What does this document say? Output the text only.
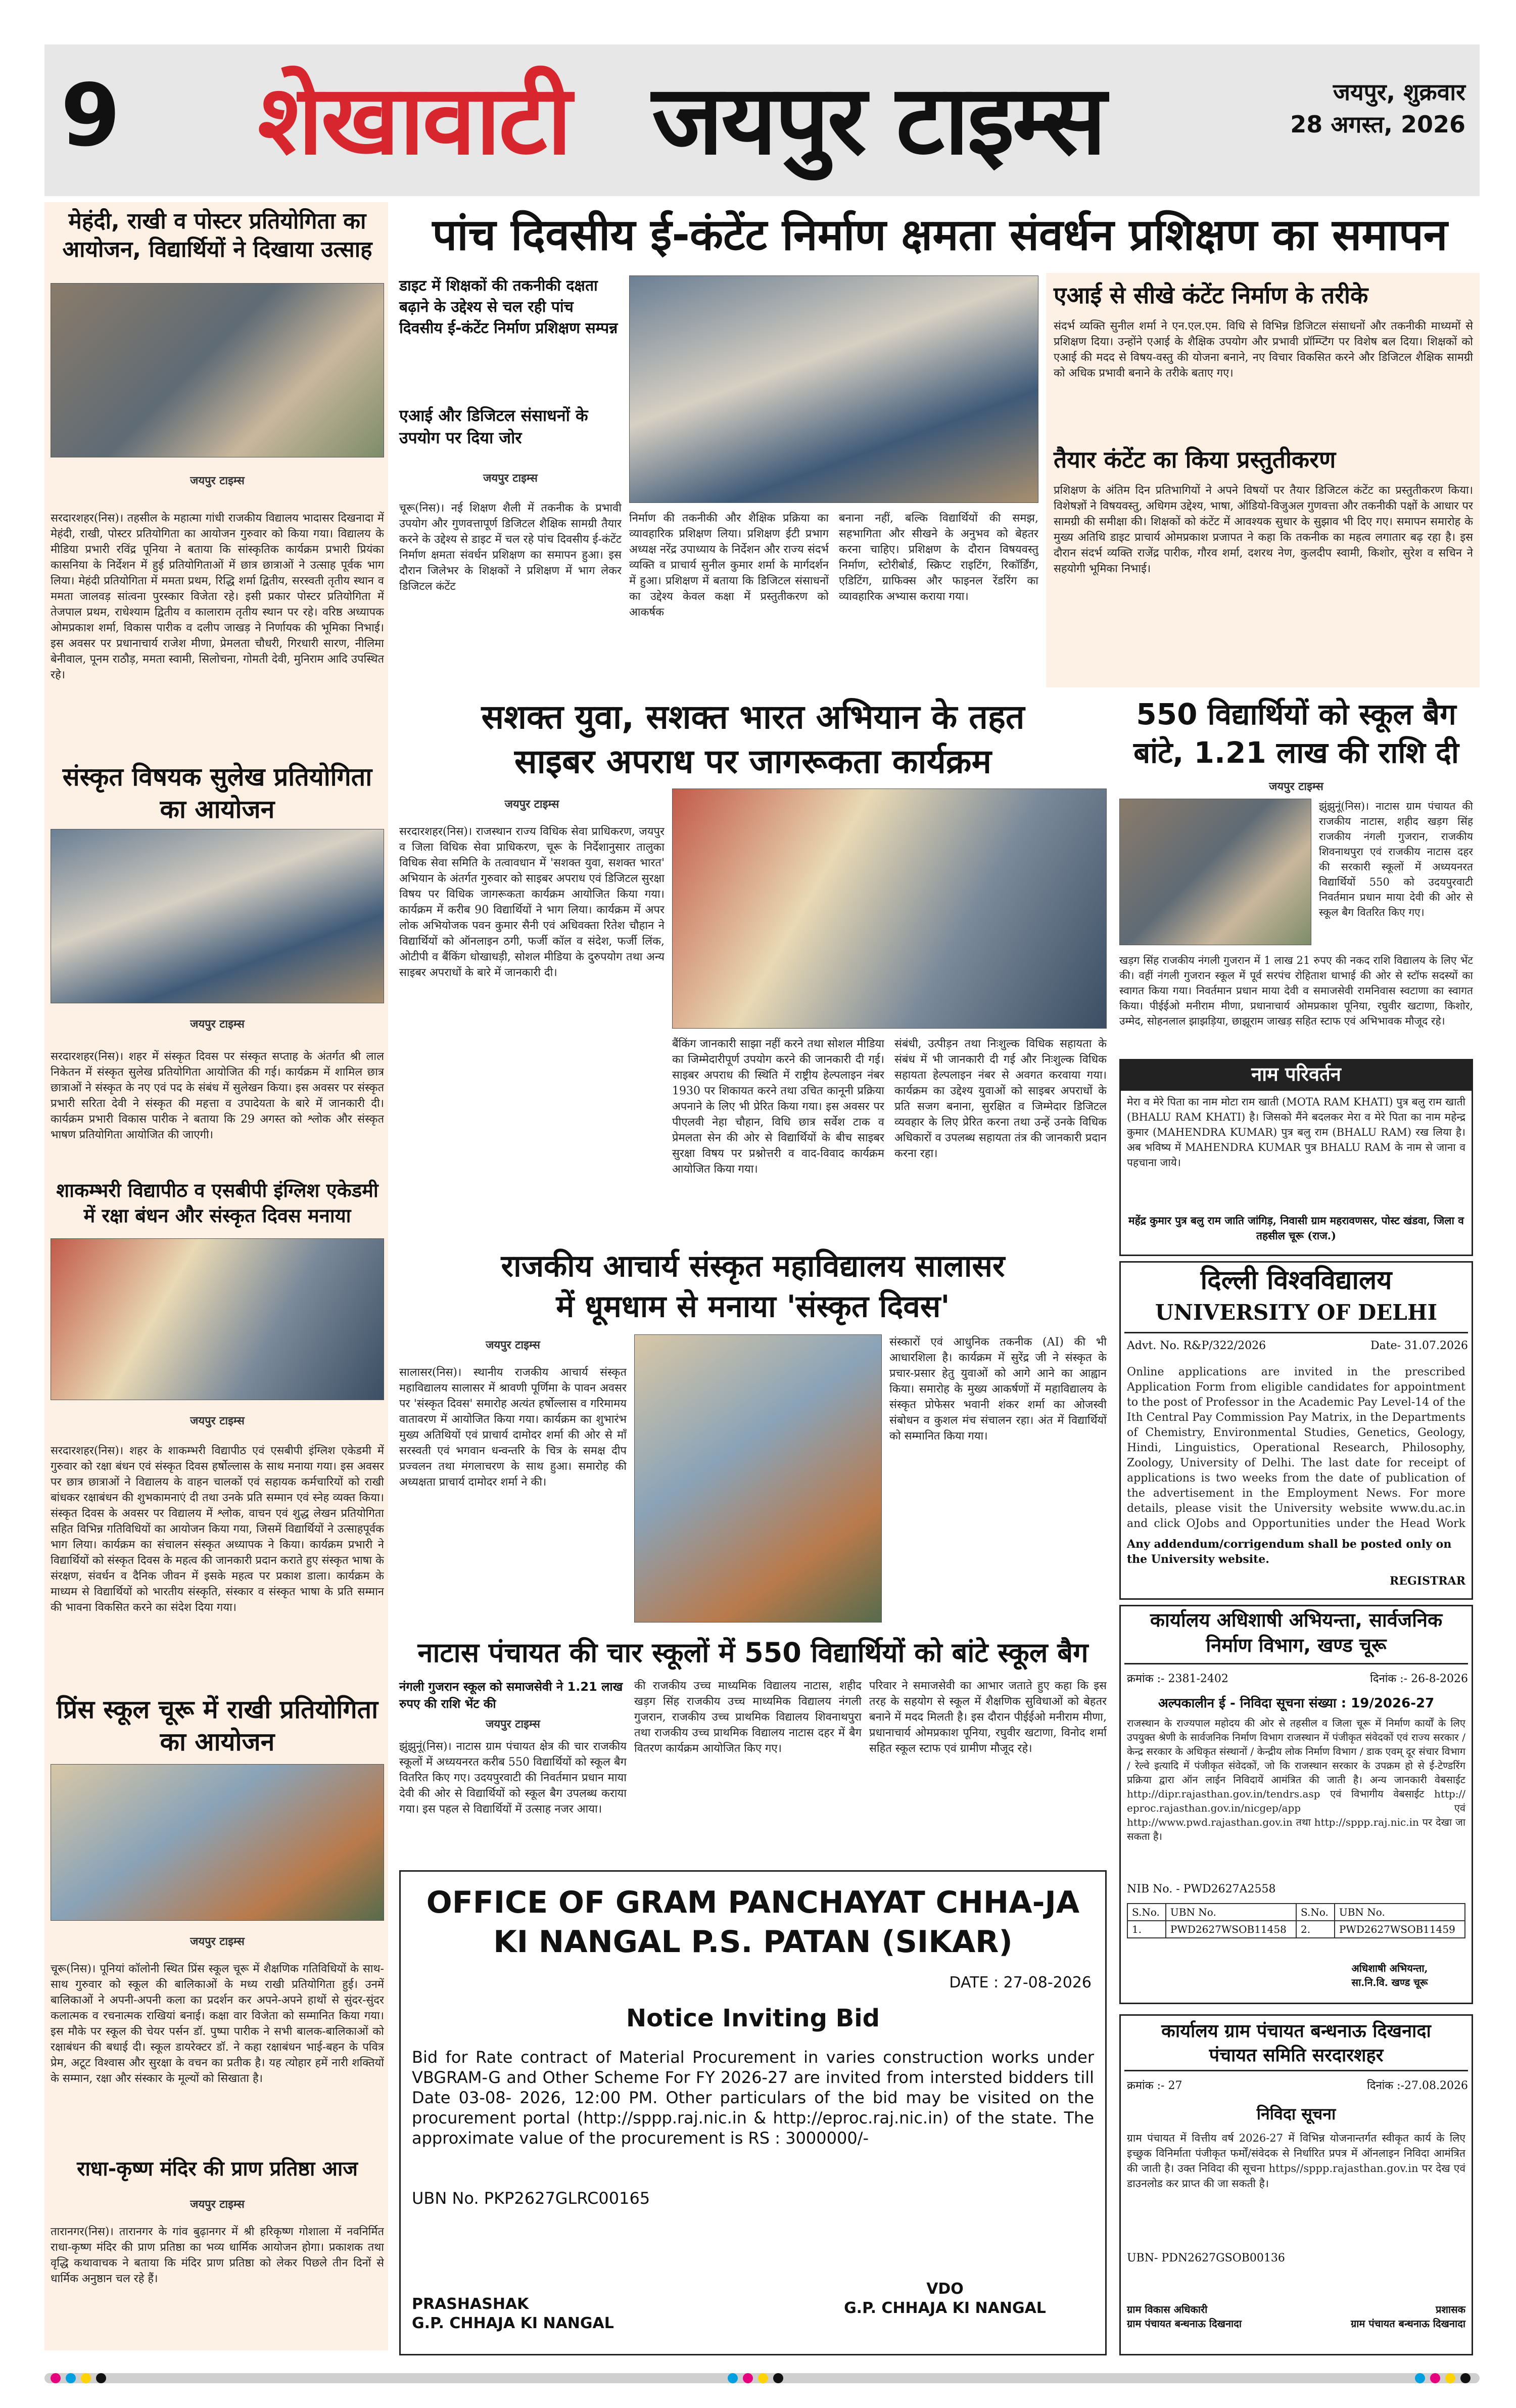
9 शेखावाटी जयपुर टाइम्स	जयपुर, शुक्रवार
28 अगस्त, 2026
मेहंदी, राखी व पोस्टर प्रतियोगिता का आयोजन, विद्यार्थियों ने दिखाया उत्साह
जयपुर टाइम्स
सरदारशहर(निस)। तहसील के महात्मा गांधी राजकीय विद्यालय भादासर दिखनादा में मेहंदी, राखी, पोस्टर प्रतियोगिता का आयोजन गुरुवार को किया गया। विद्यालय के मीडिया प्रभारी रविंद्र पूनिया ने बताया कि सांस्कृतिक कार्यक्रम प्रभारी प्रियंका कासनिया के निर्देशन में हुई प्रतियोगिताओं में छात्र छात्राओं ने उत्साह पूर्वक भाग लिया। मेहंदी प्रतियोगिता में ममता प्रथम, रिद्धि शर्मा द्वितीय, सरस्वती तृतीय स्थान व ममता जालवड़ सांत्वना पुरस्कार विजेता रहे। इसी प्रकार पोस्टर प्रतियोगिता में तेजपाल प्रथम, राधेश्याम द्वितीय व कालाराम तृतीय स्थान पर रहे। वरिष्ठ अध्यापक ओमप्रकाश शर्मा, विकास पारीक व दलीप जाखड़ ने निर्णायक की भूमिका निभाई। इस अवसर पर प्रधानाचार्य राजेश मीणा, प्रेमलता चौधरी, गिरधारी सारण, नीलिमा बेनीवाल, पूनम राठौड़, ममता स्वामी, सिलोचना, गोमती देवी, मुनिराम आदि उपस्थित रहे।
संस्कृत विषयक सुलेख प्रतियोगिता का आयोजन
जयपुर टाइम्स
सरदारशहर(निस)। शहर में संस्कृत दिवस पर संस्कृत सप्ताह के अंतर्गत श्री लाल निकेतन में संस्कृत सुलेख प्रतियोगिता आयोजित की गई। कार्यक्रम में शामिल छात्र छात्राओं ने संस्कृत के नए एवं पद के संबंध में सुलेखन किया। इस अवसर पर संस्कृत प्रभारी सरिता देवी ने संस्कृत की महत्ता व उपादेयता के बारे में जानकारी दी। कार्यक्रम प्रभारी विकास पारीक ने बताया कि 29 अगस्त को श्लोक और संस्कृत भाषण प्रतियोगिता आयोजित की जाएगी।
शाकम्भरी विद्यापीठ व एसबीपी इंग्लिश एकेडमी में रक्षा बंधन और संस्कृत दिवस मनाया
जयपुर टाइम्स
सरदारशहर(निस)। शहर के शाकम्भरी विद्यापीठ एवं एसबीपी इंग्लिश एकेडमी में गुरुवार को रक्षा बंधन एवं संस्कृत दिवस हर्षोल्लास के साथ मनाया गया। इस अवसर पर छात्र छात्राओं ने विद्यालय के वाहन चालकों एवं सहायक कर्मचारियों को राखी बांधकर रक्षाबंधन की शुभकामनाएं दी तथा उनके प्रति सम्मान एवं स्नेह व्यक्त किया। संस्कृत दिवस के अवसर पर विद्यालय में श्लोक, वाचन एवं शुद्ध लेखन प्रतियोगिता सहित विभिन्न गतिविधियों का आयोजन किया गया, जिसमें विद्यार्थियों ने उत्साहपूर्वक भाग लिया। कार्यक्रम का संचालन संस्कृत अध्यापक ने किया। कार्यक्रम प्रभारी ने विद्यार्थियों को संस्कृत दिवस के महत्व की जानकारी प्रदान कराते हुए संस्कृत भाषा के संरक्षण, संवर्धन व दैनिक जीवन में इसके महत्व पर प्रकाश डाला। कार्यक्रम के माध्यम से विद्यार्थियों को भारतीय संस्कृति, संस्कार व संस्कृत भाषा के प्रति सम्मान की भावना विकसित करने का संदेश दिया गया।
प्रिंस स्कूल चूरू में राखी प्रतियोगिता का आयोजन
जयपुर टाइम्स
चूरू(निस)। पूनियां कॉलोनी स्थित प्रिंस स्कूल चूरू में शैक्षणिक गतिविधियों के साथ-साथ गुरुवार को स्कूल की बालिकाओं के मध्य राखी प्रतियोगिता हुई। उनमें बालिकाओं ने अपनी-अपनी कला का प्रदर्शन कर अपने-अपने हाथों से सुंदर-सुंदर कलात्मक व रचनात्मक राखियां बनाई। कक्षा वार विजेता को सम्मानित किया गया। इस मौके पर स्कूल की चेयर पर्सन डॉ. पुष्पा पारीक ने सभी बालक-बालिकाओं को रक्षाबंधन की बधाई दी। स्कूल डायरेक्टर डॉ. ने कहा रक्षाबंधन भाई-बहन के पवित्र प्रेम, अटूट विश्वास और सुरक्षा के वचन का प्रतीक है। यह त्योहार हमें नारी शक्तियों के सम्मान, रक्षा और संस्कार के मूल्यों को सिखाता है।
राधा-कृष्ण मंदिर की प्राण प्रतिष्ठा आज
जयपुर टाइम्स
तारानगर(निस)। तारानगर के गांव बुढ़ानगर में श्री हरिकृष्ण गोशाला में नवनिर्मित राधा-कृष्ण मंदिर की प्राण प्रतिष्ठा का भव्य धार्मिक आयोजन होगा। प्रकाशक तथा वृद्धि कथावाचक ने बताया कि मंदिर प्राण प्रतिष्ठा को लेकर पिछले तीन दिनों से धार्मिक अनुष्ठान चल रहे हैं।
पांच दिवसीय ई-कंटेंट निर्माण क्षमता संवर्धन प्रशिक्षण का समापन
डाइट में शिक्षकों की तकनीकी दक्षता बढ़ाने के उद्देश्य से चल रही पांच दिवसीय ई-कंटेंट निर्माण प्रशिक्षण सम्पन्न
एआई और डिजिटल संसाधनों के उपयोग पर दिया जोर
जयपुर टाइम्स
चूरू(निस)। नई शिक्षण शैली में तकनीक के प्रभावी उपयोग और गुणवत्तापूर्ण डिजिटल शैक्षिक सामग्री तैयार करने के उद्देश्य से डाइट में चल रहे पांच दिवसीय ई-कंटेंट निर्माण क्षमता संवर्धन प्रशिक्षण का समापन हुआ। इस दौरान जिलेभर के शिक्षकों ने प्रशिक्षण में भाग लेकर डिजिटल कंटेंट
निर्माण की तकनीकी और शैक्षिक प्रक्रिया का व्यावहारिक प्रशिक्षण लिया। प्रशिक्षण ईटी प्रभाग अध्यक्ष नरेंद्र उपाध्याय के निर्देशन और राज्य संदर्भ व्यक्ति व प्राचार्य सुनील कुमार शर्मा के मार्गदर्शन में हुआ। प्रशिक्षण में बताया कि डिजिटल संसाधनों का उद्देश्य केवल कक्षा में प्रस्तुतीकरण को आकर्षक
बनाना नहीं, बल्कि विद्यार्थियों की समझ, सहभागिता और सीखने के अनुभव को बेहतर करना चाहिए। प्रशिक्षण के दौरान विषयवस्तु निर्माण, स्टोरीबोर्ड, स्क्रिप्ट राइटिंग, रिकॉर्डिंग, एडिटिंग, ग्राफिक्स और फाइनल रेंडरिंग का व्यावहारिक अभ्यास कराया गया।
एआई से सीखे कंटेंट निर्माण के तरीके
संदर्भ व्यक्ति सुनील शर्मा ने एन.एल.एम. विधि से विभिन्न डिजिटल संसाधनों और तकनीकी माध्यमों से प्रशिक्षण दिया। उन्होंने एआई के शैक्षिक उपयोग और प्रभावी प्रॉम्प्टिंग पर विशेष बल दिया। शिक्षकों को एआई की मदद से विषय-वस्तु की योजना बनाने, नए विचार विकसित करने और डिजिटल शैक्षिक सामग्री को अधिक प्रभावी बनाने के तरीके बताए गए।
तैयार कंटेंट का किया प्रस्तुतीकरण
प्रशिक्षण के अंतिम दिन प्रतिभागियों ने अपने विषयों पर तैयार डिजिटल कंटेंट का प्रस्तुतीकरण किया। विशेषज्ञों ने विषयवस्तु, अधिगम उद्देश्य, भाषा, ऑडियो-विजुअल गुणवत्ता और तकनीकी पक्षों के आधार पर सामग्री की समीक्षा की। शिक्षकों को कंटेंट में आवश्यक सुधार के सुझाव भी दिए गए। समापन समारोह के मुख्य अतिथि डाइट प्राचार्य ओमप्रकाश प्रजापत ने कहा कि तकनीक का महत्व लगातार बढ़ रहा है। इस दौरान संदर्भ व्यक्ति राजेंद्र पारीक, गौरव शर्मा, दशरथ नेण, कुलदीप स्वामी, किशोर, सुरेश व सचिन ने सहयोगी भूमिका निभाई।
सशक्त युवा, सशक्त भारत अभियान के तहत
साइबर अपराध पर जागरूकता कार्यक्रम
जयपुर टाइम्स
सरदारशहर(निस)। राजस्थान राज्य विधिक सेवा प्राधिकरण, जयपुर व जिला विधिक सेवा प्राधिकरण, चूरू के निर्देशानुसार तालुका विधिक सेवा समिति के तत्वावधान में 'सशक्त युवा, सशक्त भारत' अभियान के अंतर्गत गुरुवार को साइबर अपराध एवं डिजिटल सुरक्षा विषय पर विधिक जागरूकता कार्यक्रम आयोजित किया गया। कार्यक्रम में करीब 90 विद्यार्थियों ने भाग लिया। कार्यक्रम में अपर लोक अभियोजक पवन कुमार सैनी एवं अधिवक्ता रितेश चौहान ने विद्यार्थियों को ऑनलाइन ठगी, फर्जी कॉल व संदेश, फर्जी लिंक, ओटीपी व बैंकिंग धोखाधड़ी, सोशल मीडिया के दुरुपयोग तथा अन्य साइबर अपराधों के बारे में जानकारी दी।
बैंकिंग जानकारी साझा नहीं करने तथा सोशल मीडिया का जिम्मेदारीपूर्ण उपयोग करने की जानकारी दी गई। साइबर अपराध की स्थिति में राष्ट्रीय हेल्पलाइन नंबर 1930 पर शिकायत करने तथा उचित कानूनी प्रक्रिया अपनाने के लिए भी प्रेरित किया गया। इस अवसर पर पीएलवी नेहा चौहान, विधि छात्र सर्वेश टाक व प्रेमलता सेन की ओर से विद्यार्थियों के बीच साइबर सुरक्षा विषय पर प्रश्नोत्तरी व वाद-विवाद कार्यक्रम आयोजित किया गया।
संबंधी, उत्पीड़न तथा निःशुल्क विधिक सहायता के संबंध में भी जानकारी दी गई और निःशुल्क विधिक सहायता हेल्पलाइन नंबर से अवगत करवाया गया। कार्यक्रम का उद्देश्य युवाओं को साइबर अपराधों के प्रति सजग बनाना, सुरक्षित व जिम्मेदार डिजिटल व्यवहार के लिए प्रेरित करना तथा उन्हें उनके विधिक अधिकारों व उपलब्ध सहायता तंत्र की जानकारी प्रदान करना रहा।
राजकीय आचार्य संस्कृत महाविद्यालय सालासर
में धूमधाम से मनाया 'संस्कृत दिवस'
जयपुर टाइम्स
सालासर(निस)। स्थानीय राजकीय आचार्य संस्कृत महाविद्यालय सालासर में श्रावणी पूर्णिमा के पावन अवसर पर 'संस्कृत दिवस' समारोह अत्यंत हर्षोल्लास व गरिमामय वातावरण में आयोजित किया गया। कार्यक्रम का शुभारंभ मुख्य अतिथियों एवं प्राचार्य दामोदर शर्मा की ओर से माँ सरस्वती एवं भगवान धन्वन्तरि के चित्र के समक्ष दीप प्रज्वलन तथा मंगलाचरण के साथ हुआ। समारोह की अध्यक्षता प्राचार्य दामोदर शर्मा ने की।
संस्कारों एवं आधुनिक तकनीक (AI) की भी आधारशिला है। कार्यक्रम में सुरेंद्र जी ने संस्कृत के प्रचार-प्रसार हेतु युवाओं को आगे आने का आह्वान किया। समारोह के मुख्य आकर्षणों में महाविद्यालय के संस्कृत प्रोफेसर भवानी शंकर शर्मा का ओजस्वी संबोधन व कुशल मंच संचालन रहा। अंत में विद्यार्थियों को सम्मानित किया गया।
नाटास पंचायत की चार स्कूलों में 550 विद्यार्थियों को बांटे स्कूल बैग
नंगली गुजरान स्कूल को समाजसेवी ने 1.21 लाख रुपए की राशि भेंट की
जयपुर टाइम्स
झुंझुनूं(निस)। नाटास ग्राम पंचायत क्षेत्र की चार राजकीय स्कूलों में अध्ययनरत करीब 550 विद्यार्थियों को स्कूल बैग वितरित किए गए। उदयपुरवाटी की निवर्तमान प्रधान माया देवी की ओर से विद्यार्थियों को स्कूल बैग उपलब्ध कराया गया। इस पहल से विद्यार्थियों में उत्साह नजर आया।
की राजकीय उच्च माध्यमिक विद्यालय नाटास, शहीद खड़ग सिंह राजकीय उच्च माध्यमिक विद्यालय नंगली गुजरान, राजकीय उच्च प्राथमिक विद्यालय शिवनाथपुरा तथा राजकीय उच्च प्राथमिक विद्यालय नाटास दहर में बैग वितरण कार्यक्रम आयोजित किए गए।
परिवार ने समाजसेवी का आभार जताते हुए कहा कि इस तरह के सहयोग से स्कूल में शैक्षणिक सुविधाओं को बेहतर बनाने में मदद मिलती है। इस दौरान पीईईओ मनीराम मीणा, प्रधानाचार्य ओमप्रकाश पूनिया, रघुवीर खटाणा, विनोद शर्मा सहित स्कूल स्टाफ एवं ग्रामीण मौजूद रहे।
OFFICE OF GRAM PANCHAYAT CHHA-JA KI NANGAL P.S. PATAN (SIKAR)
DATE : 27-08-2026
Notice Inviting Bid
Bid for Rate contract of Material Procurement in varies construction works under VBGRAM-G and Other Scheme For FY 2026-27 are invited from intersted bidders till Date 03-08- 2026, 12:00 PM. Other particulars of the bid may be visited on the procurement portal (http://sppp.raj.nic.in & http://eproc.raj.nic.in) of the state. The approximate value of the procurement is RS : 3000000/-
UBN No. PKP2627GLRC00165
PRASHASHAK
G.P. CHHAJA KI NANGAL
VDO
G.P. CHHAJA KI NANGAL
550 विद्यार्थियों को स्कूल बैग बांटे, 1.21 लाख की राशि दी
जयपुर टाइम्स
झुंझुनूं(निस)। नाटास ग्राम पंचायत की राजकीय नाटास, शहीद खड़ग सिंह राजकीय नंगली गुजरान, राजकीय शिवनाथपुरा एवं राजकीय नाटास दहर की सरकारी स्कूलों में अध्ययनरत विद्यार्थियों 550 को उदयपुरवाटी निवर्तमान प्रधान माया देवी की ओर से स्कूल बैग वितरित किए गए।
खड़ग सिंह राजकीय नंगली गुजरान में 1 लाख 21 रुपए की नकद राशि विद्यालय के लिए भेंट की। वहीं नंगली गुजरान स्कूल में पूर्व सरपंच रोहिताश धाभाई की ओर से स्टॉफ सदस्यों का स्वागत किया गया। निवर्तमान प्रधान माया देवी व समाजसेवी रामनिवास स्वटाणा का स्वागत किया। पीईईओ मनीराम मीणा, प्रधानाचार्य ओमप्रकाश पूनिया, रघुवीर खटाणा, किशोर, उम्मेद, सोहनलाल झाझड़िया, छाझूराम जाखड़ सहित स्टाफ एवं अभिभावक मौजूद रहे।
नाम परिवर्तन
मेरा व मेरे पिता का नाम मोटा राम खाती (MOTA RAM KHATI) पुत्र बलु राम खाती (BHALU RAM KHATI) है। जिसको मैंने बदलकर मेरा व मेरे पिता का नाम महेन्द्र कुमार (MAHENDRA KUMAR) पुत्र बलु राम (BHALU RAM) रख लिया है। अब भविष्य में MAHENDRA KUMAR पुत्र BHALU RAM के नाम से जाना व पहचाना जाये।
महेंद्र कुमार पुत्र बलु राम जाति जांगिड़, निवासी ग्राम महरावणसर, पोस्ट खंडवा, जिला व तहसील चूरू (राज.)
दिल्ली विश्वविद्यालय
UNIVERSITY OF DELHI
Advt. No. R&P/322/2026	Date- 31.07.2026
Online applications are invited in the prescribed Application Form from eligible candidates for appointment to the post of Professor in the Academic Pay Level-14 of the Ith Central Pay Commission Pay Matrix, in the Departments of Chemistry, Environmental Studies, Genetics, Geology, Hindi, Linguistics, Operational Research, Philosophy, Zoology, University of Delhi. The last date for receipt of applications is two weeks from the date of publication of the advertisement in the Employment News. For more details, please visit the University website www.du.ac.in and click OJobs and Opportunities under the Head Work
Any addendum/corrigendum shall be posted only on the University website.
REGISTRAR
कार्यालय अधिशाषी अभियन्ता, सार्वजनिक
निर्माण विभाग, खण्ड चूरू
क्रमांक :- 2381-2402	दिनांक :- 26-8-2026
अल्पकालीन ई - निविदा सूचना संख्या : 19/2026-27
राजस्थान के राज्यपाल महोदय की ओर से तहसील व जिला चूरू में निर्माण कार्यों के लिए उपयुक्त श्रेणी के सार्वजनिक निर्माण विभाग राजस्थान में पंजीकृत संवेदकों एवं राज्य सरकार / केन्द्र सरकार के अधिकृत संस्थानों / केन्द्रीय लोक निर्माण विभाग / डाक एवम् दूर संचार विभाग / रेल्वे इत्यादि में पंजीकृत संवेदकों, जो कि राजस्थान सरकार के उपक्रम हो से ई-टेण्डरिंग प्रक्रिया द्वारा ऑन लाईन निविदायें आमंत्रित की जाती है। अन्य जानकारी वेबसाईट http://dipr.rajasthan.gov.in/tendrs.asp एवं विभागीय वेबसाईट http:// eproc.rajasthan.gov.in/nicgep/app एवं http://www.pwd.rajasthan.gov.in तथा http://sppp.raj.nic.in पर देखा जा सकता है।
NIB No. - PWD2627A2558
S.No.	UBN No.	S.No.	UBN No.
1.	PWD2627WSOB11458	2.	PWD2627WSOB11459
अधिशाषी अभियन्ता,
सा.नि.वि. खण्ड चूरू
कार्यालय ग्राम पंचायत बन्धनाऊ दिखनादा
पंचायत समिति सरदारशहर
क्रमांक :- 27	दिनांक :-27.08.2026
निविदा सूचना
ग्राम पंचायत में वित्तीय वर्ष 2026-27 में विभिन्न योजनान्तर्गत स्वीकृत कार्य के लिए इच्छुक विनिर्माता पंजीकृत फर्मों/संवेदक से निर्धारित प्रपत्र में ऑनलाइन निविदा आमंत्रित की जाती है। उक्त निविदा की सूचना https//sppp.rajasthan.gov.in पर देख एवं डाउनलोड कर प्राप्त की जा सकती है।
UBN- PDN2627GSOB00136
ग्राम विकास अधिकारी
ग्राम पंचायत बन्धनाऊ दिखनादा
प्रशासक
ग्राम पंचायत बन्धनाऊ दिखनादा
